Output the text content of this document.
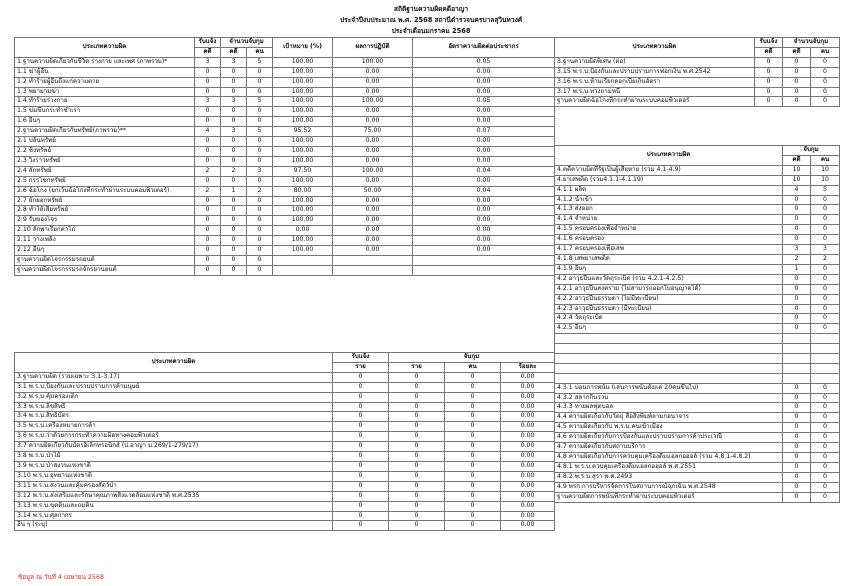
สถิติฐานความผิดคดีอาญา
ประจำปีงบประมาณ พ.ศ. 2568 สถานีตำรวจนครบาลสุวินทวงศ์
ประจำเดือนมกราคม 2568
ประเภทความผิด	รับแจ้ง	จำนวนจับกุม		เป้าหมาย (%)	ผลการปฏิบัติ	อัตราความผิดต่อประชากร
	คดี	คดี	คน			
1.ฐานความผิดเกี่ยวกับชีวิต ร่างกาย และเพศ (ภาพรวม)*	3	3	5	100.00	100.00	0.05
1.1 ฆ่าผู้อื่น	0	0	0	100.00	0.00	0.00
1.2 ทำร้ายผู้อื่นถึงแก่ความตาย	0	0	0	100.00	0.00	0.00
1.3 พยายามฆ่า	0	0	0	100.00	0.00	0.00
1.4 ทำร้ายร่างกาย	3	3	5	100.00	100.00	0.05
1.5 ข่มขืนกระทำชำเรา	0	0	0	100.00	0.00	0.00
1.6 อื่นๆ	0	0	0	100.00	0.00	0.00
2.ฐานความผิดเกี่ยวกับทรัพย์(ภาพรวม)**	4	3	5	95.52	75.00	0.07
2.1 ปล้นทรัพย์	0	0	0	100.00	0.00	0.00
2.2 ชิงทรัพย์	0	0	0	100.00	0.00	0.00
2.3 วิ่งราวทรัพย์	0	0	0	100.00	0.00	0.00
2.4 ลักทรัพย์	2	2	3	97.50	100.00	0.04
2.5 กรรโชกทรัพย์	0	0	0	100.00	0.00	0.00
2.6 ฉ้อโกง (ยกเว้นฉ้อโกงที่กระทำผ่านระบบคอมพิวเตอร์)	2	1	2	80.00	50.00	0.04
2.7 ยักยอกทรัพย์	0	0	0	100.00	0.00	0.00
2.8 ทำให้เสียทรัพย์	0	0	0	100.00	0.00	0.00
2.9 รับของโจร	0	0	0	100.00	0.00	0.00
2.10 ลักพาเรียกค่าไถ่	0	0	0	0.00	0.00	0.00
2.11 วางเพลิง	0	0	0	100.00	0.00	0.00
2.12 อื่นๆ	0	0	0	100.00	0.00	0.00
ฐานความผิดโจรกรรมรถยนต์	0	0	0			
ฐานความผิดโจรกรรมรถจักรยานยนต์	0	0	0			
ประเภทความผิด	รับแจ้ง	จำนวนจับกุม	
	คดี	คดี	คน
3.ฐานความผิดพิเศษ (ต่อ)	0	0	0
3.15 พ.ร.บ.ป้องกันและปราบปรามการฟอกเงิน พ.ศ.2542	0	0	0
3.16 พ.ร.บ.ห้ามเรียกดอกเบี้ยเกินอัตรา	0	0	0
3.17 พ.ร.บ.ทวงถามหนี้	0	0	0
ฐานความผิดฉ้อโกงที่กระทำผ่านระบบคอมพิวเตอร์	0	0	0
ประเภทความผิด	จับกุม	
	คดี	คน
4.คดีความผิดที่รัฐเป็นผู้เสียหาย (รวม 4.1-4.9)	10	10
4.ยาเสพติด (รวม4.1.1-4.1.19)	10	10
4.1.1 ผลิต	4	5
4.1.2 นำเข้า	0	0
4.1.3 ส่งออก	0	0
4.1.4 จำหน่าย	0	0
4.1.5 ครอบครองเพื่อจำหน่าย	0	0
4.1.6 ครอบครอง	0	0
4.1.7 ครอบครองเพื่อเสพ	3	3
4.1.8 เสพยาเสพติด	2	2
4.1.9 อื่นๆ	1	0
4.2 อาวุธปืนและวัตถุระเบิด (รวม 4.2.1-4.2.5)	0	0
4.2.1 อาวุธปืนสงคราม (ไม่สามารถออกใบอนุญาตได้)	0	0
4.2.2 อาวุธปืนธรรมดา (ไม่มีทะเบียน)	0	0
4.2.3 อาวุธปืนธรรมดา (มีทะเบียน)	0	0
4.2.4 วัตถุระเบิด	0	0
4.2.5 อื่นๆ	0	0

4.3.1 บ่อนการพนัน (เล่นการพนันตั้งแต่ 20คนขึ้นไป)	0	0
4.3.2 สลากกินรวบ	0	0
4.3.3 ทายผลฟุตบอล	0	0
4.4 ความผิดเกี่ยวกับวัตถุ สื่อสิ่งพิมพ์ลามกอนาจาร	0	0
4.5 ความผิดเกี่ยวกับ พ.ร.บ.คนเข้าเมือง	0	0
4.6 ความผิดเกี่ยวกับการป้องกันและปราบปรามการค้าประเวณี	0	0
4.7 ความผิดเกี่ยวกับสถานบริการ	0	0
4.8 ความผิดเกี่ยวกับการควบคุมเครื่องดื่มแอลกอฮอล์ (รวม 4.8.1-4.8.2)	0	0
4.8.1 พ.ร.บ.ควบคุมเครื่องดื่มแอลกอฮอล์ พ.ศ.2551	0	0
4.8.2 พ.ร.บ.สุรา พ.ศ.2493	0	0
4.9 พรก.การบริหารจัดการในสถานการณ์ฉุกเฉิน พ.ศ.2548	0	0
ฐานความผิดการพนันที่กระทำผ่านระบบคอมพิวเตอร์	0	0
ประเภทความผิด	รับแจ้ง	จับกุม		
	ราย	ราย	คน	ร้อยละ
3.ฐานความผิด (รวมเฉพาะ 3.1-3.17)	0	0	0	0.00
3.1 พ.ร.บ.ป้องกันและปราบปรามการค้ามนุษย์	0	0	0	0.00
3.2 พ.ร.บ.คุ้มครองเด็ก	0	0	0	0.00
3.3 พ.ร.บ.ลิขสิทธิ์	0	0	0	0.00
3.4 พ.ร.บ.สิทธิบัตร	0	0	0	0.00
3.5 พ.ร.บ.เครื่องหมายการค้า	0	0	0	0.00
3.6 พ.ร.บ.ว่าด้วยการกระทำความผิดทางคอมพิวเตอร์	0	0	0	0.00
3.7 ความผิดเกี่ยวกับบัตรอิเล็กทรอนิกส์ (ป.อาญา ม.269/1-279/17)	0	0	0	0.00
3.8 พ.ร.บ.ป่าไม้	0	0	0	0.00
3.9 พ.ร.บ.ป่าสงวนแห่งชาติ	0	0	0	0.00
3.10 พ.ร.บ.อุทยานแห่งชาติ	0	0	0	0.00
3.11 พ.ร.บ.สงวนและคุ้มครองสัตว์ป่า	0	0	0	0.00
3.12 พ.ร.บ.ส่งเสริมและรักษาคุณภาพสิ่งแวดล้อมแห่งชาติ พ.ศ.2535	0	0	0	0.00
3.13 พ.ร.บ.ขุดดินและถมดิน	0	0	0	0.00
3.14 พ.ร.บ.ศุลกากร	0	0	0	0.00
อื่น ๆ (ระบุ)	0	0	0	0.00
ข้อมูล ณ วันที่ 4 เมษายน 2568
